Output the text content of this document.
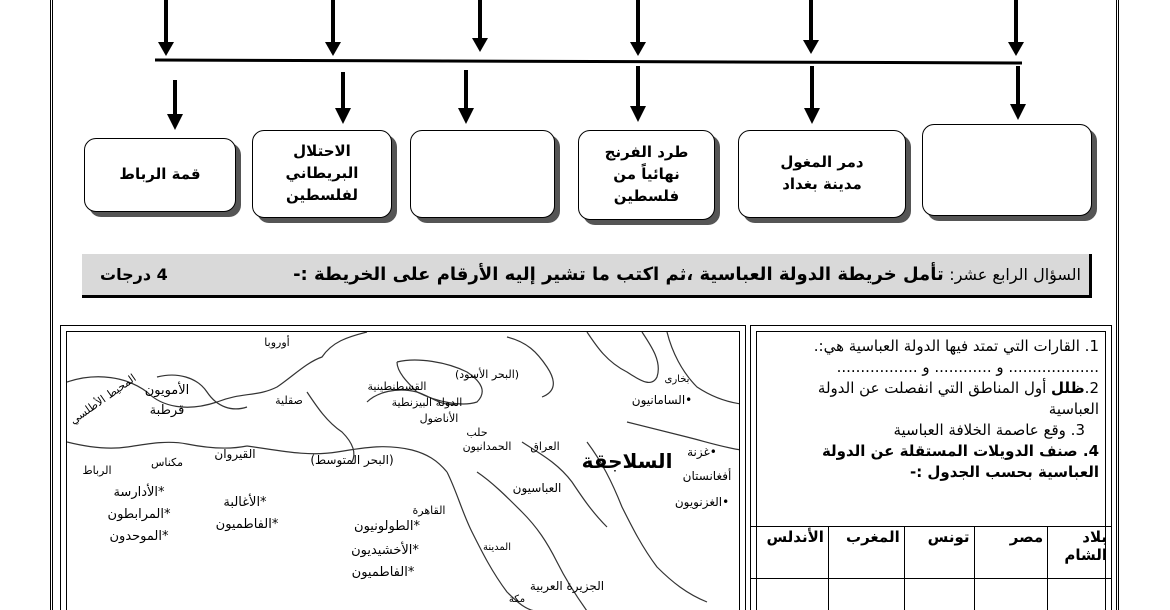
قمة الرباط
الاحتلال البريطاني
لفلسطين
طرد الفرنج
نهائياً من
فلسطين
دمر المغول
مدينة بغداد
السؤال الرابع عشر: تأمل خريطة الدولة العباسية ،ثم اكتب ما تشير إليه الأرقام على الخريطة :-
4 درجات
أوروبا
المحيط الأطلسي الأمويون
قرطبة
صقلية
(البحر الأسود)
القسطنطينية
الدولة البيزنطية
الأناضول
حلب
الحمدانيون العراق
السلاجقة
العباسيون
•غزنة
أفغانستان
•الغزنويون
•السامانيون
بخارى
القيروان	(البحر المتوسط)
مكناس
الرباط
*الأدارسة
*المرابطون
*الموحدون
*الأغالبة
*الفاطميون
القاهرة
*الطولونيون
*الأخشيديون
*الفاطميون
المدينة
الجزيرة العربية
مكة
1. القارات التي تمتد فيها الدولة العباسية هي:.
................... و ............ و .................
2.ظلل أول المناطق التي انفصلت عن الدولة العباسية
3. وقع عاصمة الخلافة العباسية
4. صنف الدويلات المستقلة عن الدولة العباسية بحسب الجدول :-
بلاد الشام	مصر	تونس	المغرب	الأندلس
